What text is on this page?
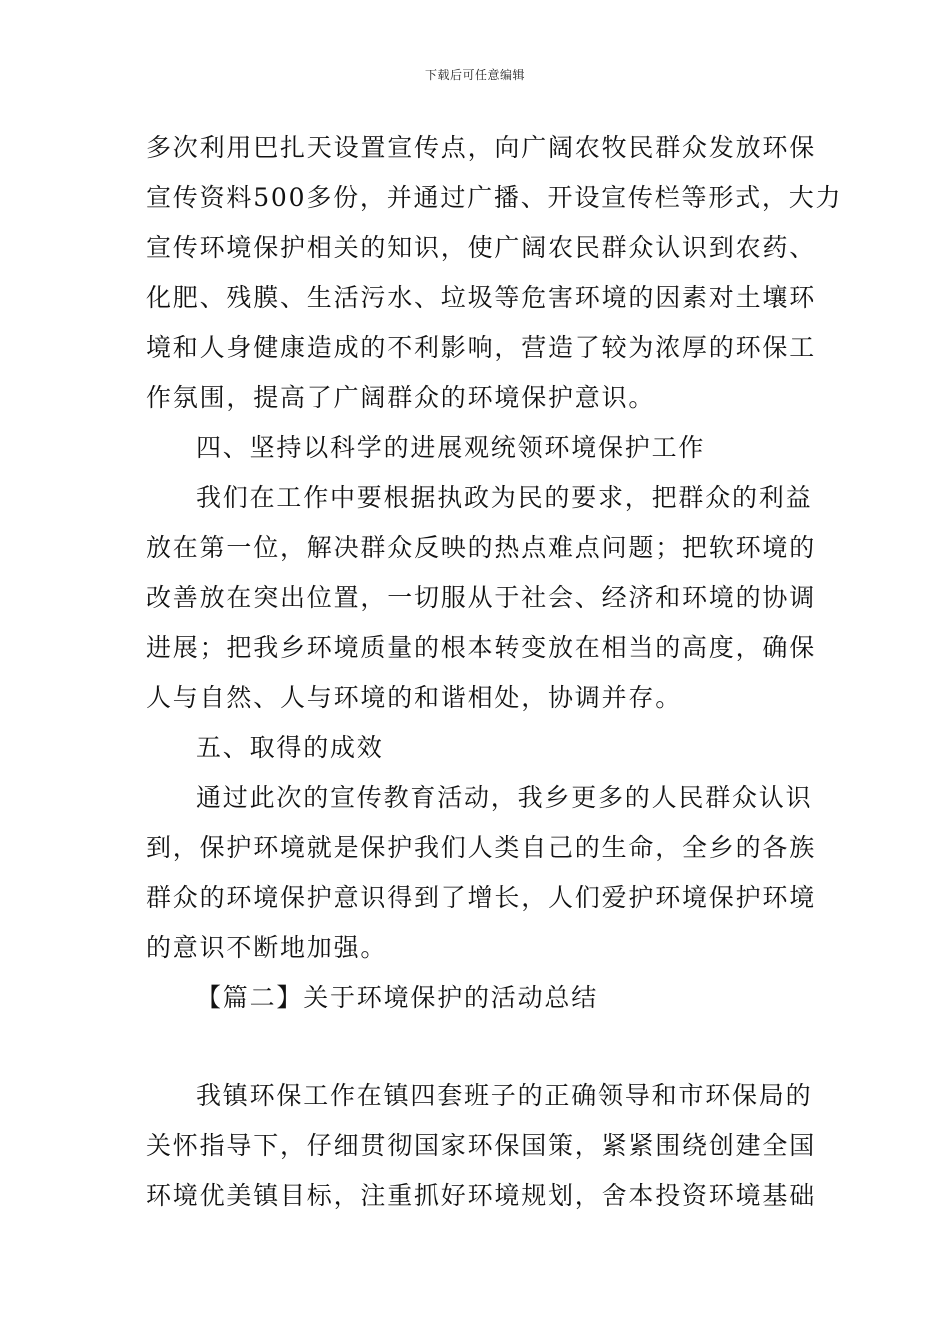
下载后可任意编辑
多次利用巴扎天设置宣传点，向广阔农牧民群众发放环保
宣传资料500多份，并通过广播、开设宣传栏等形式，大力
宣传环境保护相关的知识，使广阔农民群众认识到农药、
化肥、残膜、生活污水、垃圾等危害环境的因素对土壤环
境和人身健康造成的不利影响，营造了较为浓厚的环保工
作氛围，提高了广阔群众的环境保护意识。
四、坚持以科学的进展观统领环境保护工作
我们在工作中要根据执政为民的要求，把群众的利益
放在第一位，解决群众反映的热点难点问题；把软环境的
改善放在突出位置，一切服从于社会、经济和环境的协调
进展；把我乡环境质量的根本转变放在相当的高度，确保
人与自然、人与环境的和谐相处，协调并存。
五、取得的成效
通过此次的宣传教育活动，我乡更多的人民群众认识
到，保护环境就是保护我们人类自己的生命，全乡的各族
群众的环境保护意识得到了增长，人们爱护环境保护环境
的意识不断地加强。
【篇二】关于环境保护的活动总结
我镇环保工作在镇四套班子的正确领导和市环保局的
关怀指导下，仔细贯彻国家环保国策，紧紧围绕创建全国
环境优美镇目标，注重抓好环境规划，舍本投资环境基础
